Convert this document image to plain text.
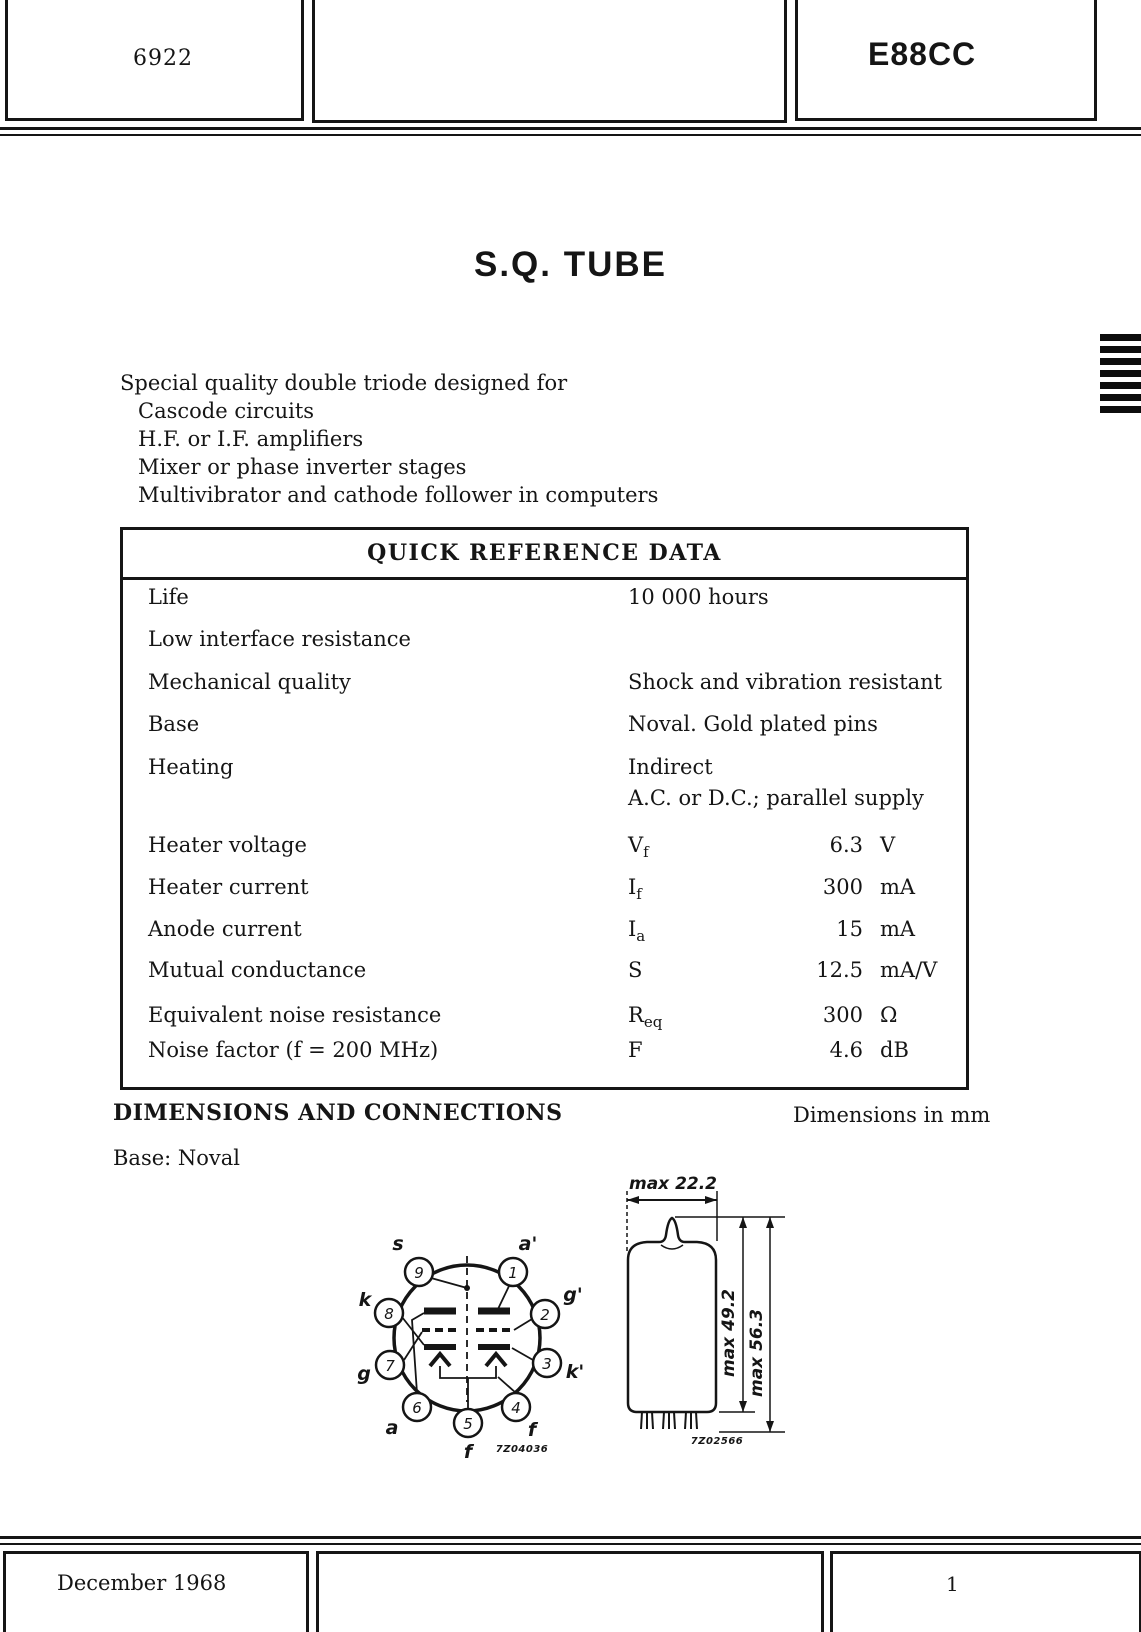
6922	E88CC
S.Q. TUBE
Special quality double triode designed for
Cascode circuits
H.F. or I.F. amplifiers
Mixer or phase inverter stages
Multivibrator and cathode follower in computers
QUICK REFERENCE DATA
Life	10 000 hours
Low interface resistance
Mechanical quality	Shock and vibration resistant
Base	Noval. Gold plated pins
Heating	Indirect
A.C. or D.C.; parallel supply
Heater voltage	$V_f$	6.3 V
Heater current	$I_f$	300 mA
Anode current	$I_a$	15 mA
Mutual conductance	S	12.5 mA/V
Equivalent noise resistance	$R_{eq}$	300 Ω
Noise factor (f = 200 MHz)	F	4.6 dB
DIMENSIONS AND CONNECTIONS	Dimensions in mm
Base: Noval
1
2
3
4
5
6
7
8
9
a'
g'
k'
f
f
a
g
k
s
7Z04036
max 22.2
max 49.2 max 56.3
7Z02566
December 1968	1
